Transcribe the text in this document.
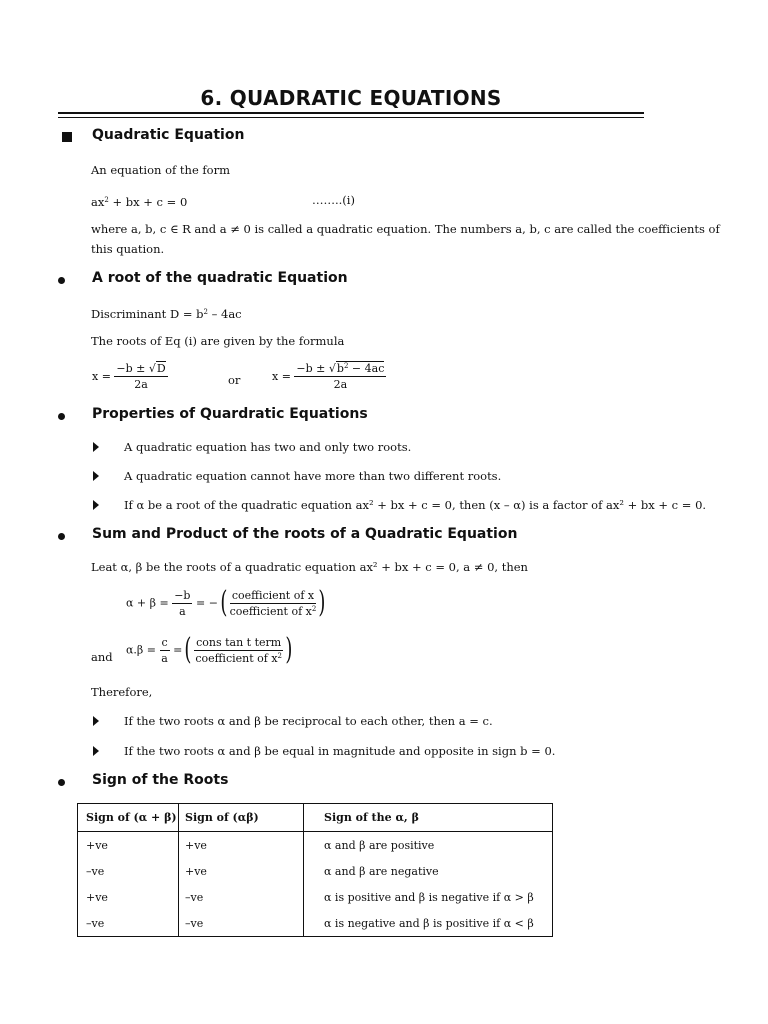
6. QUADRATIC EQUATIONS
Quadratic Equation
An equation of the form
$ax^2$ + bx + c = 0	……..(i)
where a, b, c ∈ R and a ≠ 0 is called a quadratic equation. The numbers a, b, c are called the coefficients of
this quation.
A root of the quadratic Equation
Discriminant $D = b^2 - 4ac$
The roots of Eq (i) are given by the formula
$x = \frac{-b \pm √D}{2a}$	or	$x = \frac{-b \pm √b^2 - 4ac}{2a}$
Properties of Quardratic Equations
A quadratic equation has two and only two roots.
A quadratic equation cannot have more than two different roots.
If α be a root of the quadratic equation ax² + bx + c = 0, then (x – α) is a factor of ax² + bx + c = 0.
Sum and Product of the roots of a Quadratic Equation
Leat α, β be the roots of a quadratic equation ax² + bx + c = 0, a ≠ 0, then
$\alpha + \beta = \frac{-b}{a}$ = −( $\frac{\text{coefficient of x}}{coefficient of x^2}$ )
and $\alpha.\beta = \frac{c}{a}$ =( $\frac{\text{cons tan t term}}{coefficient of x^2}$ )
Therefore,
If the two roots α and β be reciprocal to each other, then a = c.
If the two roots α and β be equal in magnitude and opposite in sign b = 0.
Sign of the Roots
Sign of (α + β)	Sign of (αβ)	Sign of the α, β
+ve	+ve	α and β are positive
–ve	+ve	α and β are negative
+ve	–ve	α is positive and β is negative if α > β
–ve	–ve	α is negative and β is positive if α < β
